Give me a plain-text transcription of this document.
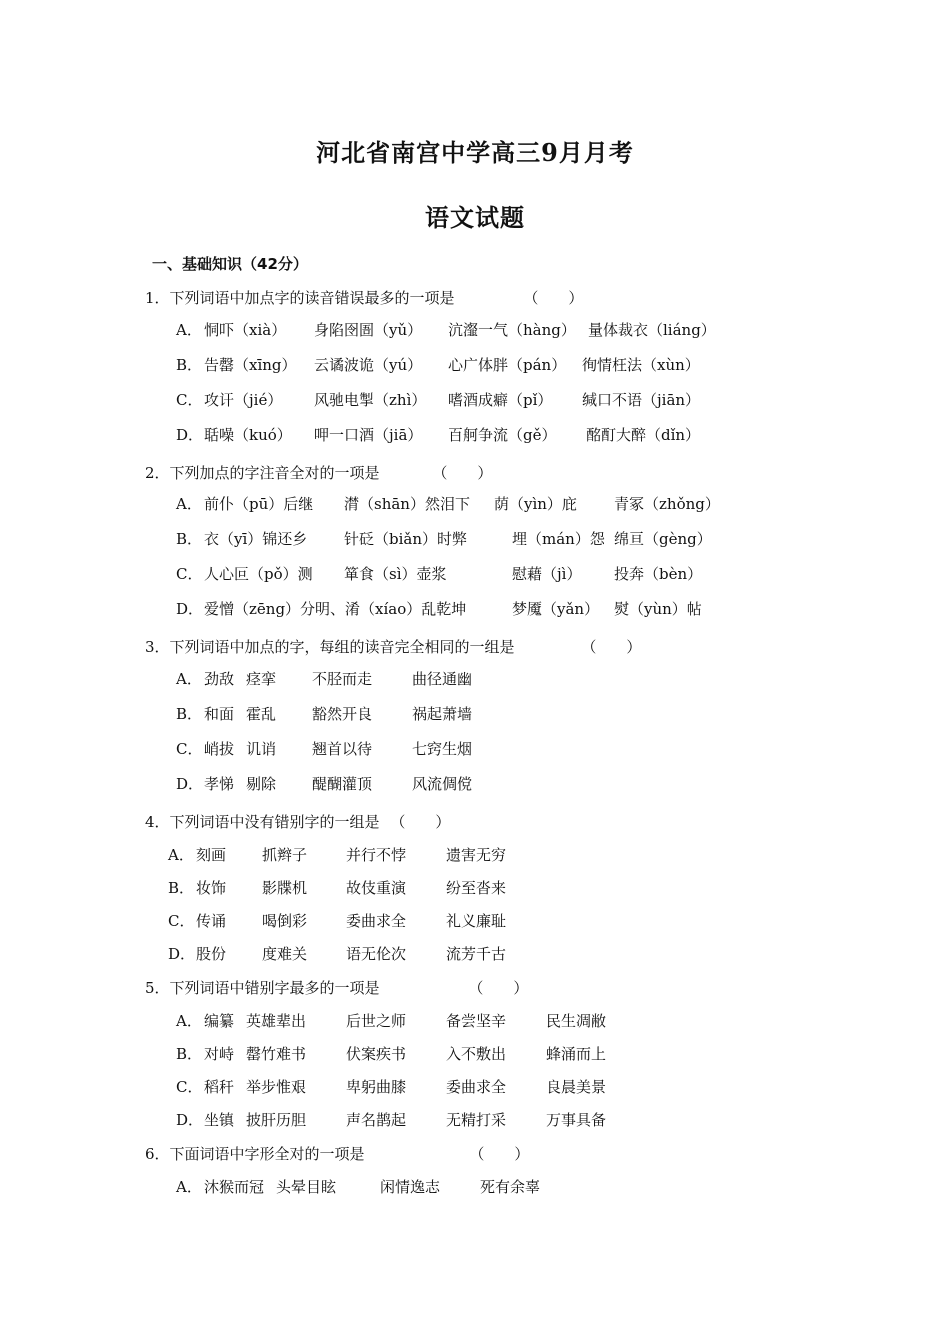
河北省南宫中学高三9月月考
语文试题
一、基础知识（42分）
1．下列词语中加点字的读音错误最多的一项是	（　　）
A． 恫吓（xià） 身陷囹圄（yǔ） 沆瀣一气（hàng） 量体裁衣（liáng）
B． 告罄（xīng） 云谲波诡（yú） 心广体胖（pán） 徇情枉法（xùn）
C． 攻讦（jié） 风驰电掣（zhì） 嗜酒成癖（pǐ） 缄口不语（jiān）
D．聒噪（kuó） 呷一口酒（jiā） 百舸争流（gě） 酩酊大醉（dǐn）
2．下列加点的字注音全对的一项是	（　　）
A． 前仆（pū）后继 潸（shān）然泪下 荫（yìn）庇 青冢（zhǒng）
B． 衣（yī）锦还乡 针砭（biǎn）时弊	埋（mán）怨 绵亘（gèng）
C． 人心叵（pǒ）测 箪食（sì）壶浆	慰藉（jì） 投奔（bèn）
D．爱憎（zēng）分明、淆（xíao）乱乾坤	梦魇（yǎn） 熨（yùn）帖
3．下列词语中加点的字，每组的读音完全相同的一组是	（　　）
A． 劲敌 痉挛 不胫而走	曲径通幽
B． 和面 霍乱 豁然开良	祸起萧墙
C． 峭拔 讥诮 翘首以待	七窍生烟
D．孝悌 剔除 醍醐灌顶	风流倜傥
4．下列词语中没有错别字的一组是 （　　）
A． 刻画 抓辫子	并行不悖	遗害无穷
B． 妆饰 影牒机	故伎重演	纷至沓来
C． 传诵 喝倒彩	委曲求全	礼义廉耻
D．股份 度难关	语无伦次	流芳千古
5．下列词语中错别字最多的一项是	（　　）
A． 编纂 英雄辈出	后世之师	备尝坚辛	民生凋敝
B． 对峙 罄竹难书	伏案疾书	入不敷出	蜂涌而上
C． 稻秆 举步惟艰	卑躬曲膝	委曲求全	良晨美景
D．坐镇 披肝历胆	声名鹊起	无精打采	万事具备
6．下面词语中字形全对的一项是	（　　）
A． 沐猴而冠 头晕目眩	闲情逸志	死有余辜
